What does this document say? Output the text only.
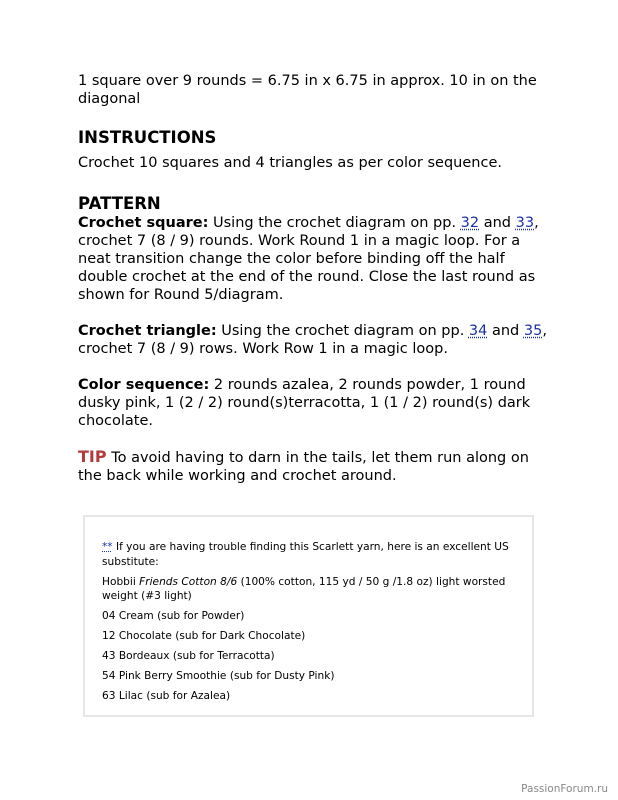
1 square over 9 rounds = 6.75 in x 6.75 in approx. 10 in on the diagonal

INSTRUCTIONS

Crochet 10 squares and 4 triangles as per color sequence.

PATTERN

Crochet square: Using the crochet diagram on pp. 32 and 33, crochet 7 (8 / 9) rounds. Work Round 1 in a magic loop. For a neat transition change the color before binding off the half double crochet at the end of the round. Close the last round as shown for Round 5/diagram.

Crochet triangle: Using the crochet diagram on pp. 34 and 35, crochet 7 (8 / 9) rows. Work Row 1 in a magic loop.

Color sequence: 2 rounds azalea, 2 rounds powder, 1 round dusky pink, 1 (2 / 2) round(s)terracotta, 1 (1 / 2) round(s) dark chocolate.

TIP To avoid having to darn in the tails, let them run along on the back while working and crochet around.

** If you are having trouble finding this Scarlett yarn, here is an excellent US substitute:

Hobbii Friends Cotton 8/6 (100% cotton, 115 yd / 50 g /1.8 oz) light worsted weight (#3 light)

04 Cream (sub for Powder)

12 Chocolate (sub for Dark Chocolate)

43 Bordeaux (sub for Terracotta)

54 Pink Berry Smoothie (sub for Dusty Pink)

63 Lilac (sub for Azalea)

PassionForum.ru
